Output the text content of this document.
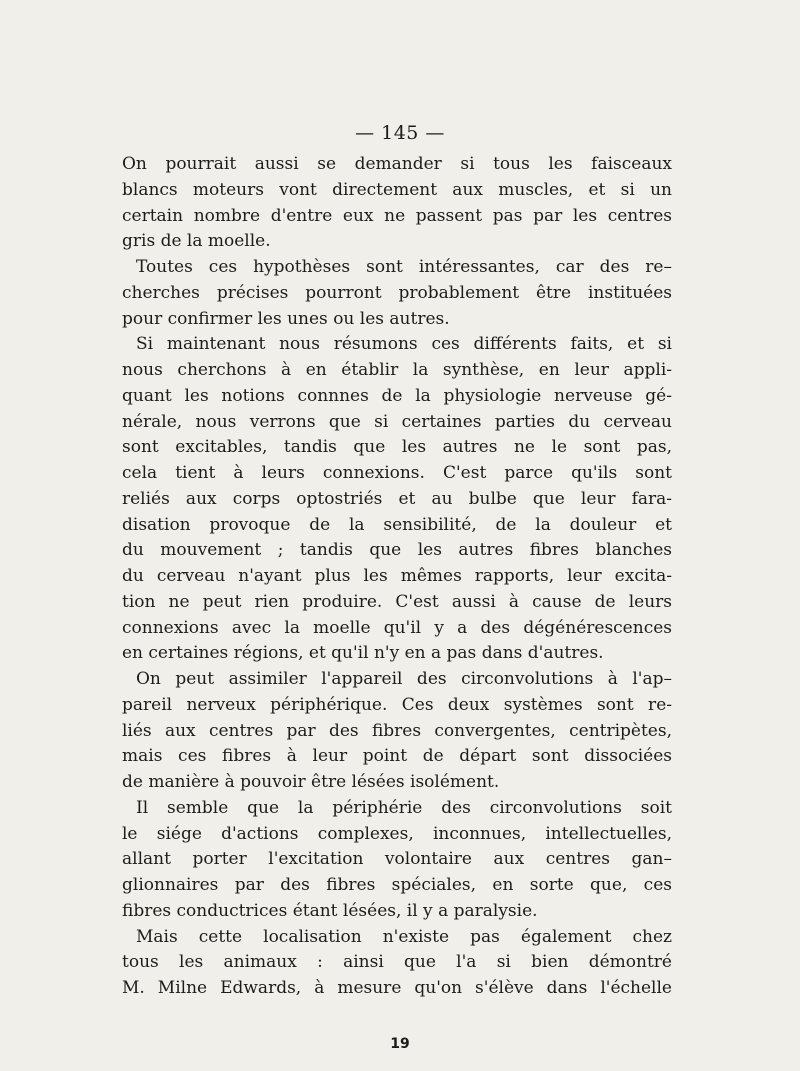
— 145 —
On pourrait aussi se demander si tous les faisceaux
blancs moteurs vont directement aux muscles, et si un
certain nombre d'entre eux ne passent pas par les centres
gris de la moelle.
Toutes ces hypothèses sont intéressantes, car des re–
cherches précises pourront probablement être instituées
pour confirmer les unes ou les autres.
Si maintenant nous résumons ces différents faits, et si
nous cherchons à en établir la synthèse, en leur appli-
quant les notions connnes de la physiologie nerveuse gé-
nérale, nous verrons que si certaines parties du cerveau
sont excitables, tandis que les autres ne le sont pas,
cela tient à leurs connexions. C'est parce qu'ils sont
reliés aux corps optostriés et au bulbe que leur fara-
disation provoque de la sensibilité, de la douleur et
du mouvement ; tandis que les autres fibres blanches
du cerveau n'ayant plus les mêmes rapports, leur excita-
tion ne peut rien produire. C'est aussi à cause de leurs
connexions avec la moelle qu'il y a des dégénérescences
en certaines régions, et qu'il n'y en a pas dans d'autres.
On peut assimiler l'appareil des circonvolutions à l'ap–
pareil nerveux périphérique. Ces deux systèmes sont re-
liés aux centres par des fibres convergentes, centripètes,
mais ces fibres à leur point de départ sont dissociées
de manière à pouvoir être lésées isolément.
Il semble que la périphérie des circonvolutions soit
le siége d'actions complexes, inconnues, intellectuelles,
allant porter l'excitation volontaire aux centres gan–
glionnaires par des fibres spéciales, en sorte que, ces
fibres conductrices étant lésées, il y a paralysie.
Mais cette localisation n'existe pas également chez
tous les animaux : ainsi que l'a si bien démontré
M. Milne Edwards, à mesure qu'on s'élève dans l'échelle
19
